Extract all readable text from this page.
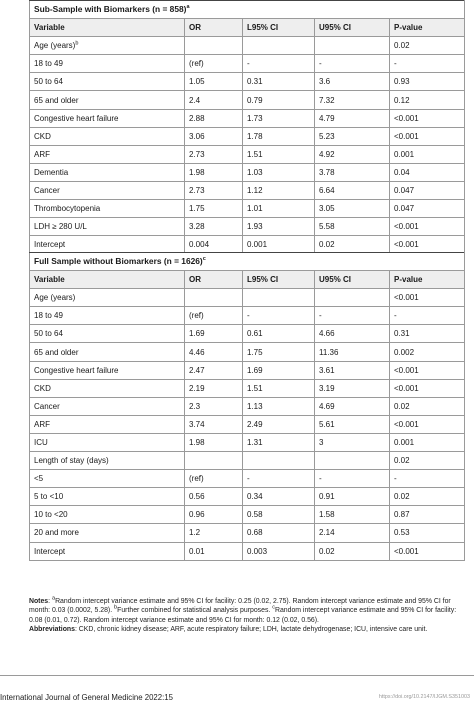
Sub-Sample with Biomarkers (n = 858)$^a$
Variable	OR	L95% CI	U95% CI	P-value
Age (years)$^b$				0.02
18 to 49	(ref)	-	-	-
50 to 64	1.05	0.31	3.6	0.93
65 and older	2.4	0.79	7.32	0.12
Congestive heart failure	2.88	1.73	4.79	<0.001
CKD	3.06	1.78	5.23	<0.001
ARF	2.73	1.51	4.92	0.001
Dementia	1.98	1.03	3.78	0.04
Cancer	2.73	1.12	6.64	0.047
Thrombocytopenia	1.75	1.01	3.05	0.047
LDH ≥ 280 U/L	3.28	1.93	5.58	<0.001
Intercept	0.004	0.001	0.02	<0.001
Full Sample without Biomarkers (n = 1626)$^c$
Variable	OR	L95% CI	U95% CI	P-value
Age (years)				<0.001
18 to 49	(ref)	-	-	-
50 to 64	1.69	0.61	4.66	0.31
65 and older	4.46	1.75	11.36	0.002
Congestive heart failure	2.47	1.69	3.61	<0.001
CKD	2.19	1.51	3.19	<0.001
Cancer	2.3	1.13	4.69	0.02
ARF	3.74	2.49	5.61	<0.001
ICU	1.98	1.31	3	0.001
Length of stay (days)				0.02
<5	(ref)	-	-	-
5 to <10	0.56	0.34	0.91	0.02
10 to <20	0.96	0.58	1.58	0.87
20 and more	1.2	0.68	2.14	0.53
Intercept	0.01	0.003	0.02	<0.001
Notes: $^a$Random intercept variance estimate and 95% CI for facility: 0.25 (0.02, 2.75). Random intercept variance estimate and 95% CI for month: 0.03 (0.0002, 5.28). $^b$Further combined for statistical analysis purposes. $^c$Random intercept variance estimate and 95% CI for facility: 0.08 (0.01, 0.72). Random intercept variance estimate and 95% CI for month: 0.12 (0.02, 0.56).
Abbreviations: CKD, chronic kidney disease; ARF, acute respiratory failure; LDH, lactate dehydrogenase; ICU, intensive care unit.
International Journal of General Medicine 2022:15	https://doi.org/10.2147/IJGM.S351003
